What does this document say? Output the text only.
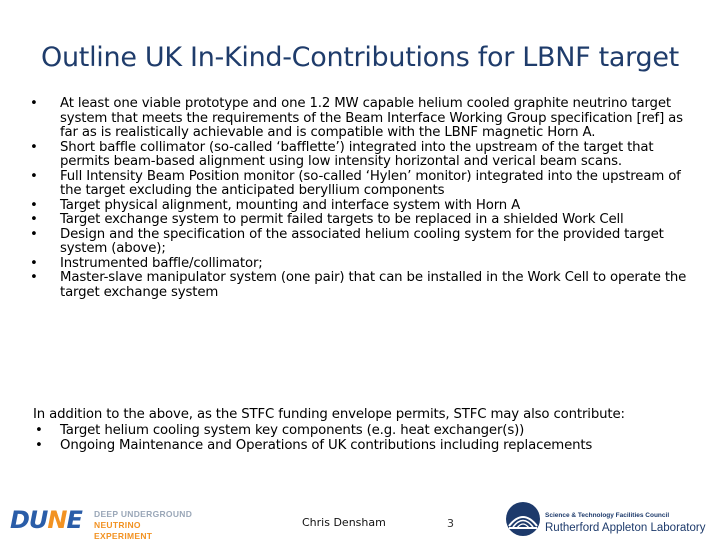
Outline UK In-Kind-Contributions for LBNF target
• At least one viable prototype and one 1.2 MW capable helium cooled graphite neutrino target system that meets the requirements of the Beam Interface Working Group specification [ref] as far as is realistically achievable and is compatible with the LBNF magnetic Horn A.
• Short baffle collimator (so-called ‘bafflette’) integrated into the upstream of the target that permits beam-based alignment using low intensity horizontal and verical beam scans.
• Full Intensity Beam Position monitor (so-called ‘Hylen’ monitor) integrated into the upstream of the target excluding the anticipated beryllium components
• Target physical alignment, mounting and interface system with Horn A
• Target exchange system to permit failed targets to be replaced in a shielded Work Cell
• Design and the specification of the associated helium cooling system for the provided target system (above);
• Instrumented baffle/collimator;
• Master-slave manipulator system (one pair) that can be installed in the Work Cell to operate the target exchange system
In addition to the above, as the STFC funding envelope permits, STFC may also contribute:
• Target helium cooling system key components (e.g. heat exchanger(s))
• Ongoing Maintenance and Operations of UK contributions including replacements
DUNE DEEP UNDERGROUND
NEUTRINO EXPERIMENT
Chris Densham	3
Science & Technology Facilities Council
Rutherford Appleton Laboratory
